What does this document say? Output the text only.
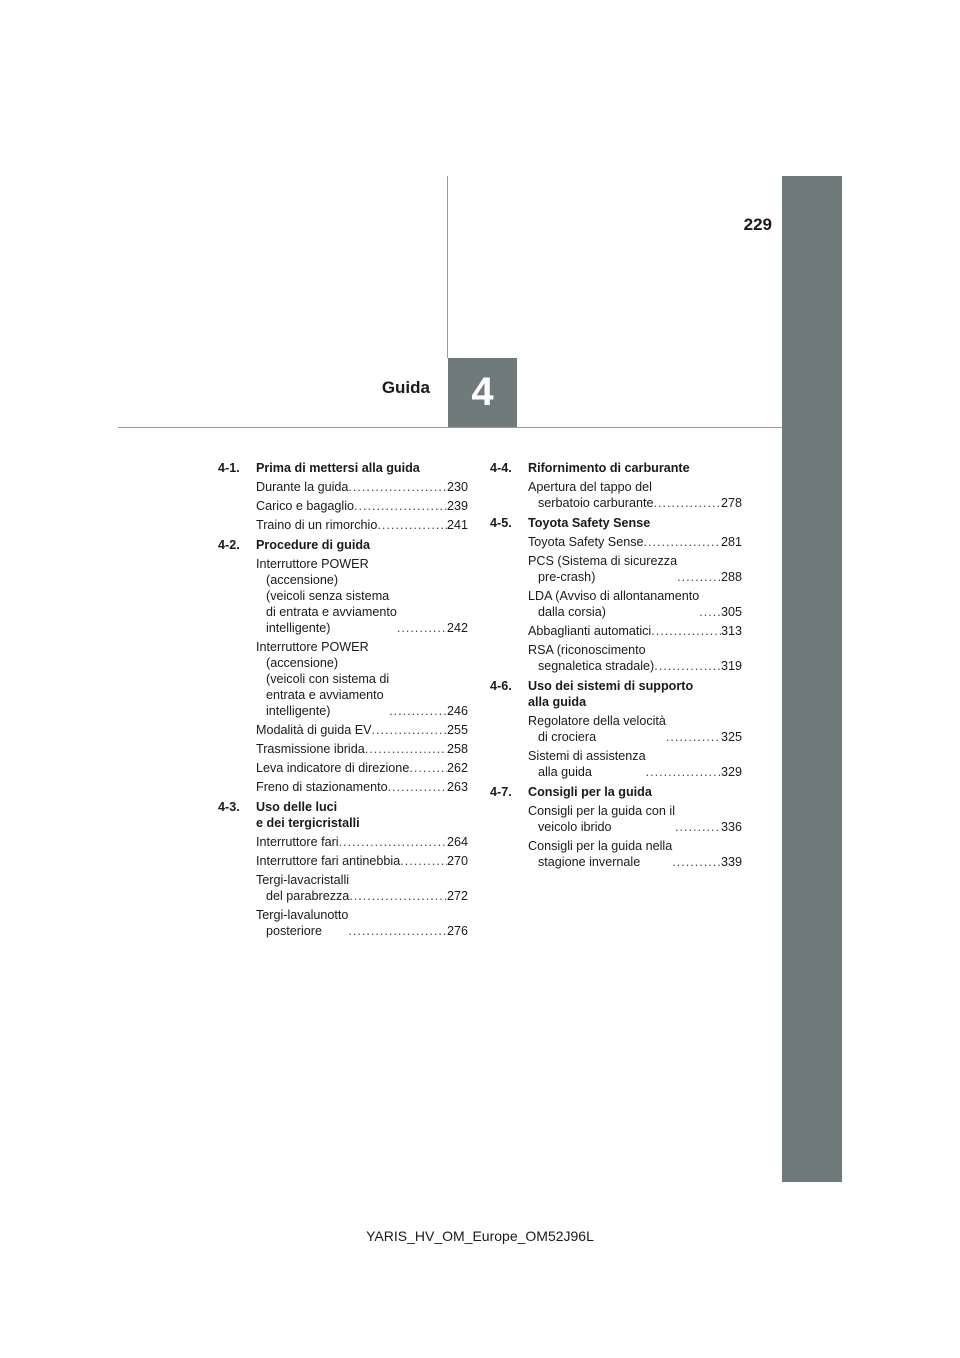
229
Guida 4
4-1.	Prima di mettersi alla guida
Durante la guida .....	230
Carico e bagaglio .....	239
Traino di un rimorchio .....	241
4-2.	Procedure di guida
Interruttore POWER
(accensione)
(veicoli senza sistema
di entrata e avviamento
intelligente) .....	242
Interruttore POWER
(accensione)
(veicoli con sistema di
entrata e avviamento
intelligente) .....	246
Modalità di guida EV .....	255
Trasmissione ibrida .....	258
Leva indicatore di direzione .....	262
Freno di stazionamento .....	263
4-3.	Uso delle luci
e dei tergicristalli
Interruttore fari .....	264
Interruttore fari antinebbia .....	270
Tergi-lavacristalli
del parabrezza .....	272
Tergi-lavalunotto
posteriore .....	276
4-4.	Rifornimento di carburante
Apertura del tappo del
serbatoio carburante .....	278
4-5.	Toyota Safety Sense
Toyota Safety Sense .....	281
PCS (Sistema di sicurezza
pre-crash) .....	288
LDA (Avviso di allontanamento
dalla corsia) .....	305
Abbaglianti automatici .....	313
RSA (riconoscimento
segnaletica stradale) .....	319
4-6.	Uso dei sistemi di supporto
alla guida
Regolatore della velocità
di crociera .....	325
Sistemi di assistenza
alla guida .....	329
4-7.	Consigli per la guida
Consigli per la guida con il
veicolo ibrido .....	336
Consigli per la guida nella
stagione invernale .....	339
YARIS_HV_OM_Europe_OM52J96L
